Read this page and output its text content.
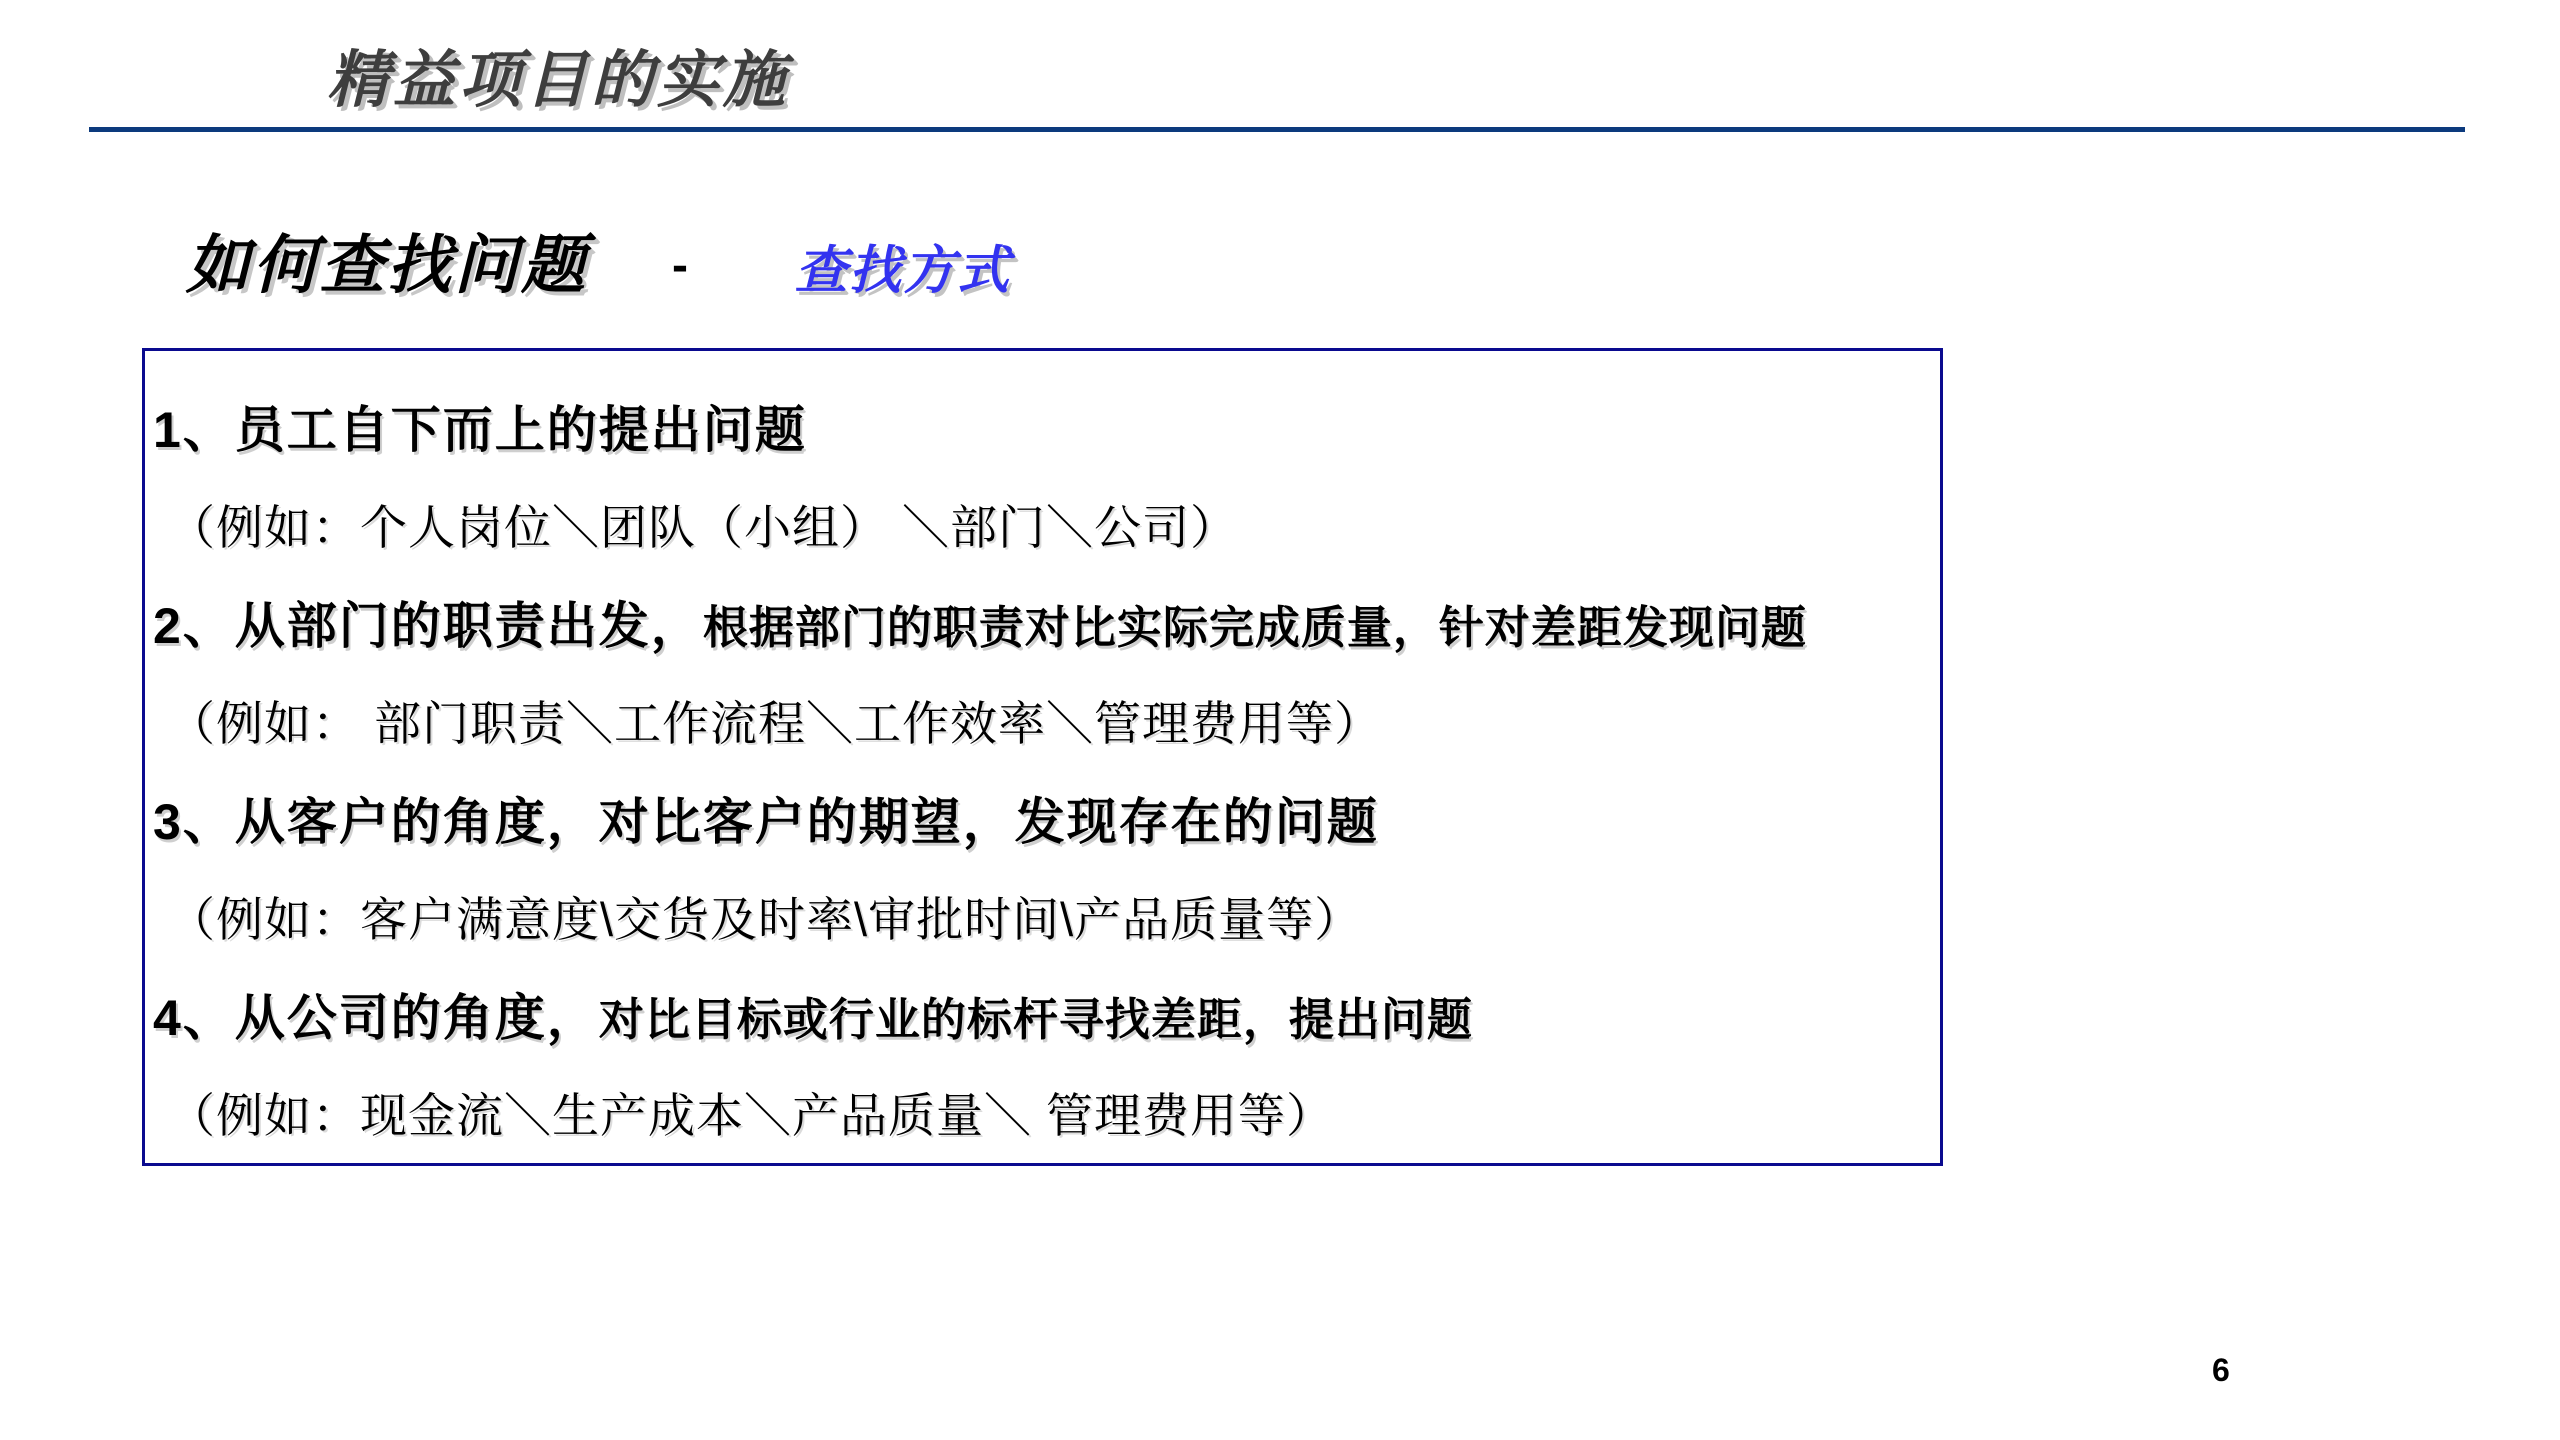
精益项目的实施
如何查找问题 - 查找方式
1、员工自下而上的提出问题
（例如：个人岗位＼团队（小组） ＼部门＼公司）
2、从部门的职责出发，根据部门的职责对比实际完成质量，针对差距发现问题
（例如： 部门职责＼工作流程＼工作效率＼管理费用等）
3、从客户的角度，对比客户的期望，发现存在的问题
（例如：客户满意度\交货及时率\审批时间\产品质量等）
4、从公司的角度，对比目标或行业的标杆寻找差距，提出问题
（例如：现金流＼生产成本＼产品质量＼ 管理费用等）
6
